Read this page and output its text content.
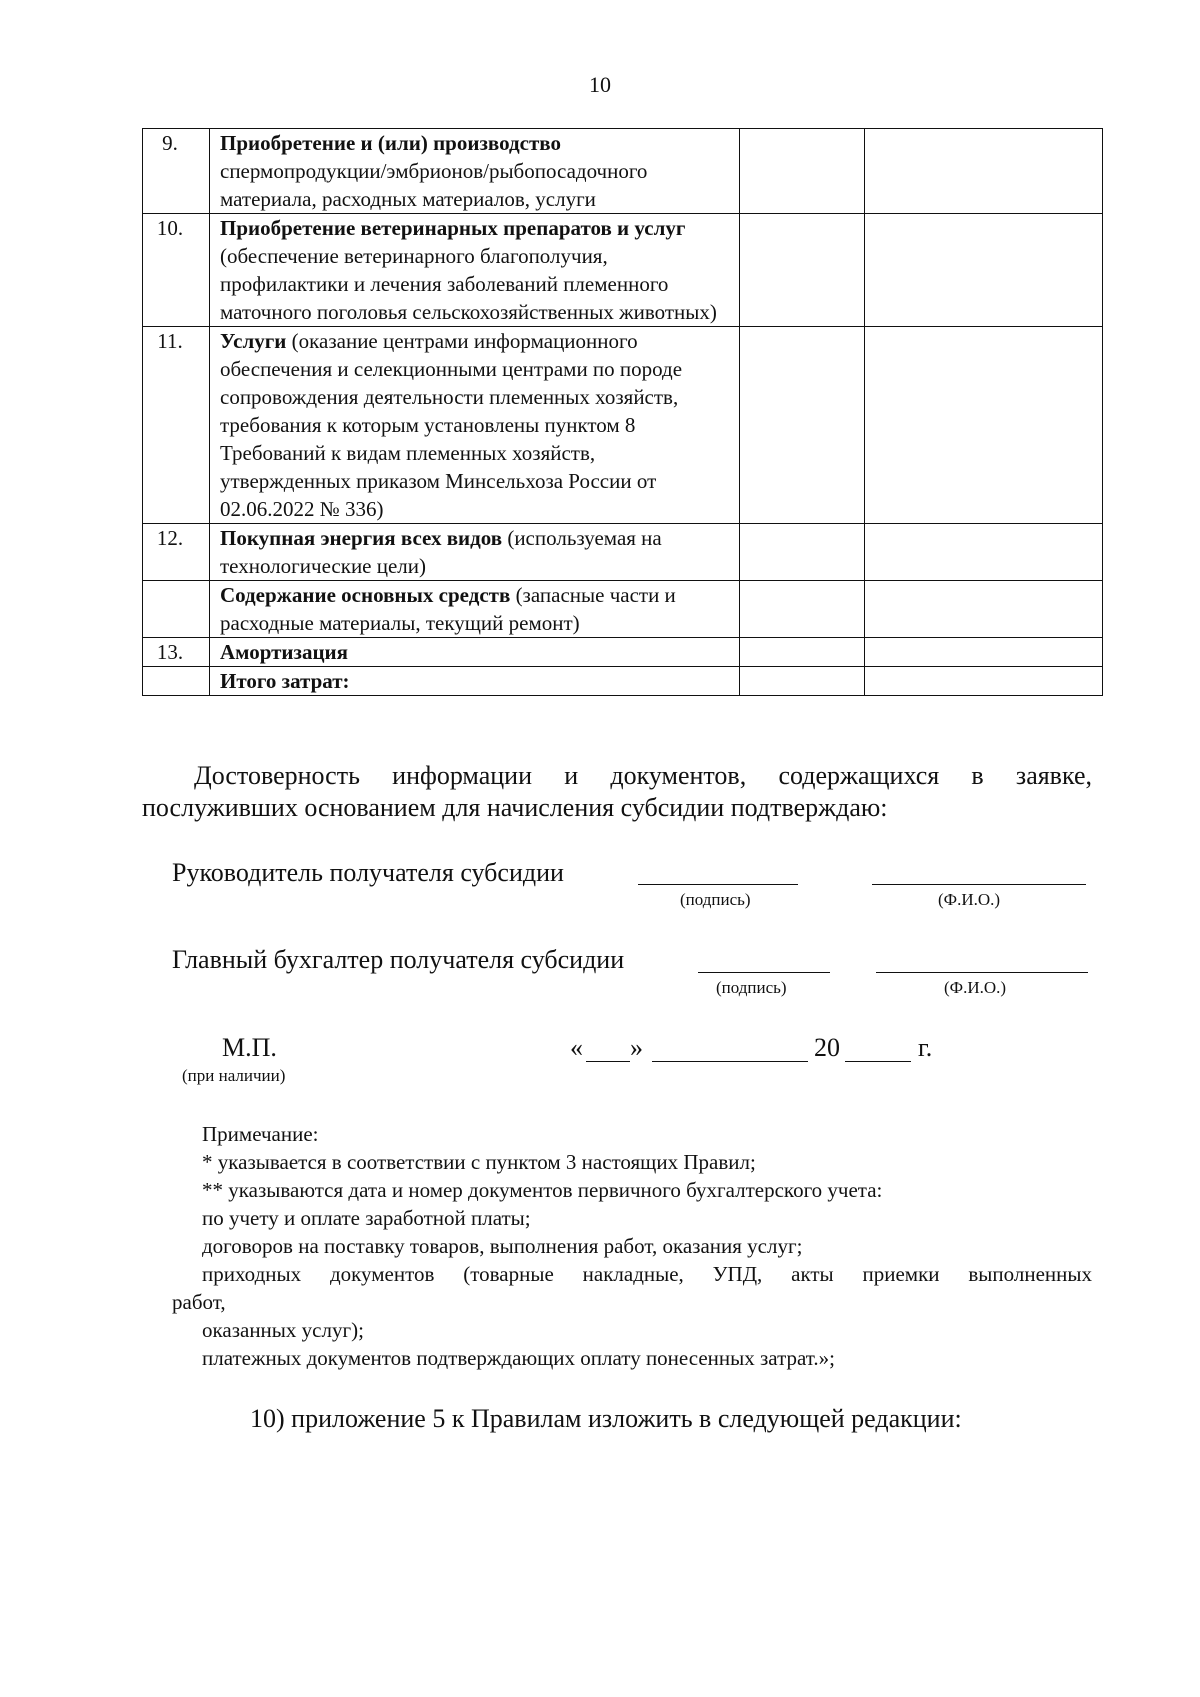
10
9.	Приобретение и (или) производство спермопродукции/эмбрионов/рыбопосадочного материала, расходных материалов, услуги		
10.	Приобретение ветеринарных препаратов и услуг (обеспечение ветеринарного благополучия, профилактики и лечения заболеваний племенного маточного поголовья сельскохозяйственных животных)		
11.	Услуги (оказание центрами информационного обеспечения и селекционными центрами по породе сопровождения деятельности племенных хозяйств, требования к которым установлены пунктом 8 Требований к видам племенных хозяйств, утвержденных приказом Минсельхоза России от 02.06.2022 № 336)		
12.	Покупная энергия всех видов (используемая на технологические цели)		
	Содержание основных средств (запасные части и расходные материалы, текущий ремонт)		
13.	Амортизация		
	Итого затрат:		
Достоверность информации и документов, содержащихся в заявке,
послуживших основанием для начисления субсидии подтверждаю:
Руководитель получателя субсидии
(подпись)	(Ф.И.О.)
Главный бухгалтер получателя субсидии
(подпись)	(Ф.И.О.)
М.П.
(при наличии)
« »	20	г.
Примечание:
* указывается в соответствии с пунктом 3 настоящих Правил;
** указываются дата и номер документов первичного бухгалтерского учета:
по учету и оплате заработной платы;
договоров на поставку товаров, выполнения работ, оказания услуг;
приходных документов (товарные накладные, УПД, акты приемки выполненных
работ,
оказанных услуг);
платежных документов подтверждающих оплату понесенных затрат.»;
10) приложение 5 к Правилам изложить в следующей редакции:
